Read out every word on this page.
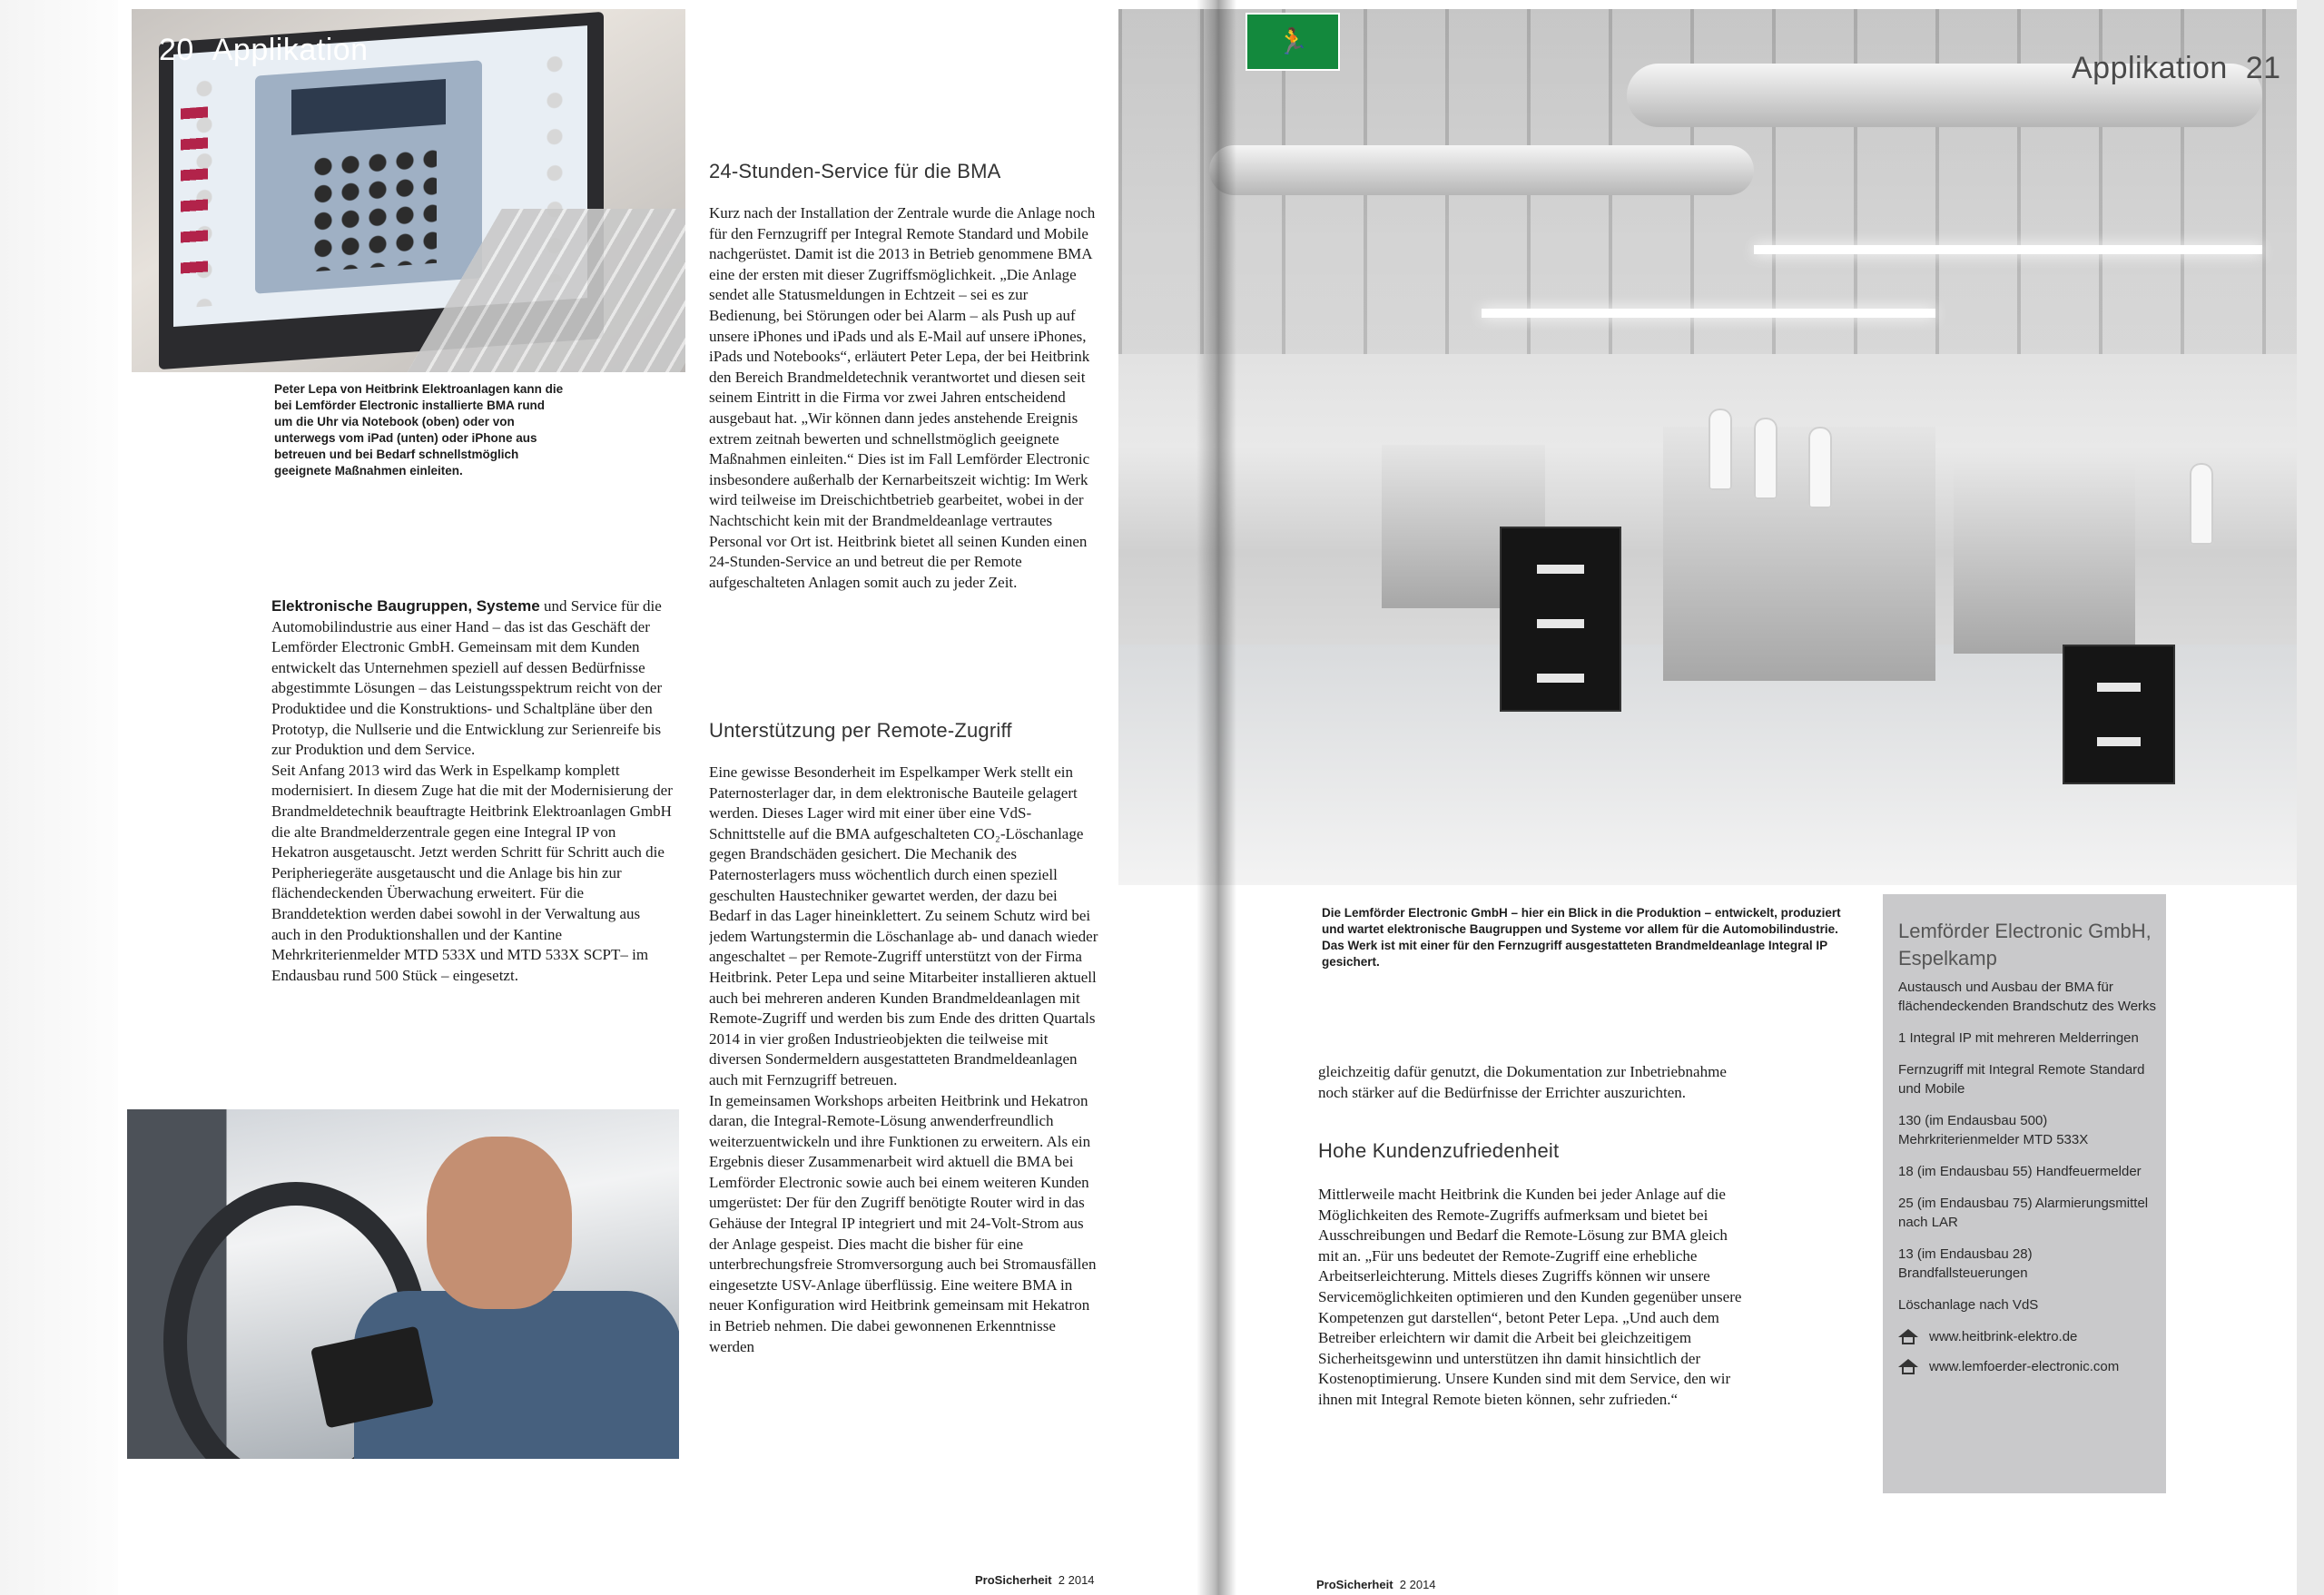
20 Applikation
Peter Lepa von Heitbrink Elektroanlagen kann die bei Lemförder Electronic installierte BMA rund um die Uhr via Notebook (oben) oder von unterwegs vom iPad (unten) oder iPhone aus betreuen und bei Bedarf schnellstmöglich geeignete Maßnahmen einleiten.

Elektronische Baugruppen, Systeme und Service für die Automobilindustrie aus einer Hand – das ist das Geschäft der Lemförder Electronic GmbH. Gemeinsam mit dem Kunden entwickelt das Unternehmen speziell auf dessen Bedürfnisse abgestimmte Lösungen – das Leistungsspektrum reicht von der Produktidee und die Konstruktions- und Schaltpläne über den Prototyp, die Nullserie und die Entwicklung zur Serienreife bis zur Produktion und dem Service.

Seit Anfang 2013 wird das Werk in Espelkamp komplett modernisiert. In diesem Zuge hat die mit der Modernisierung der Brandmeldetechnik beauftragte Heitbrink Elektroanlagen GmbH die alte Brandmelderzentrale gegen eine Integral IP von Hekatron ausgetauscht. Jetzt werden Schritt für Schritt auch die Peripheriegeräte ausgetauscht und die Anlage bis hin zur flächendeckenden Überwachung erweitert. Für die Branddetektion werden dabei sowohl in der Verwaltung aus auch in den Produktionshallen und der Kantine Mehrkriterienmelder MTD 533X und MTD 533X SCPT– im Endausbau rund 500 Stück – eingesetzt.

24-Stunden-Service für die BMA

Kurz nach der Installation der Zentrale wurde die Anlage noch für den Fernzugriff per Integral Remote Standard und Mobile nachgerüstet. Damit ist die 2013 in Betrieb genommene BMA eine der ersten mit dieser Zugriffsmöglichkeit. „Die Anlage sendet alle Statusmeldungen in Echtzeit – sei es zur Bedienung, bei Störungen oder bei Alarm – als Push up auf unsere iPhones und iPads und als E-Mail auf unsere iPhones, iPads und Notebooks“, erläutert Peter Lepa, der bei Heitbrink den Bereich Brandmeldetechnik verantwortet und diesen seit seinem Eintritt in die Firma vor zwei Jahren entscheidend ausgebaut hat. „Wir können dann jedes anstehende Ereignis extrem zeitnah bewerten und schnellstmöglich geeignete Maßnahmen einleiten.“ Dies ist im Fall Lemförder Electronic insbesondere außerhalb der Kernarbeitszeit wichtig: Im Werk wird teilweise im Dreischichtbetrieb gearbeitet, wobei in der Nachtschicht kein mit der Brandmeldeanlage vertrautes Personal vor Ort ist. Heitbrink bietet all seinen Kunden einen 24-Stunden-Service an und betreut die per Remote aufgeschalteten Anlagen somit auch zu jeder Zeit.

Unterstützung per Remote-Zugriff

Eine gewisse Besonderheit im Espelkamper Werk stellt ein Paternosterlager dar, in dem elektronische Bauteile gelagert werden. Dieses Lager wird mit einer über eine VdS-Schnittstelle auf die BMA aufgeschalteten CO₂-Löschanlage gegen Brandschäden gesichert. Die Mechanik des Paternosterlagers muss wöchentlich durch einen speziell geschulten Haustechniker gewartet werden, der dazu bei Bedarf in das Lager hineinklettert. Zu seinem Schutz wird bei jedem Wartungstermin die Löschanlage ab- und danach wieder angeschaltet – per Remote-Zugriff unterstützt von der Firma Heitbrink. Peter Lepa und seine Mitarbeiter installieren aktuell auch bei mehreren anderen Kunden Brandmeldeanlagen mit Remote-Zugriff und werden bis zum Ende des dritten Quartals 2014 in vier großen Industrieobjekten die teilweise mit diversen Sondermeldern ausgestatteten Brandmeldeanlagen auch mit Fernzugriff betreuen.

In gemeinsamen Workshops arbeiten Heitbrink und Hekatron daran, die Integral-Remote-Lösung anwenderfreundlich weiterzuentwickeln und ihre Funktionen zu erweitern. Als ein Ergebnis dieser Zusammenarbeit wird aktuell die BMA bei Lemförder Electronic sowie auch bei einem weiteren Kunden umgerüstet: Der für den Zugriff benötigte Router wird in das Gehäuse der Integral IP integriert und mit 24-Volt-Strom aus der Anlage gespeist. Dies macht die bisher für eine unterbrechungsfreie Stromversorgung auch bei Stromausfällen eingesetzte USV-Anlage überflüssig. Eine weitere BMA in neuer Konfiguration wird Heitbrink gemeinsam mit Hekatron in Betrieb nehmen. Die dabei gewonnenen Erkenntnisse werden

ProSicherheit 2 2014
🏃
Applikation 21
Die Lemförder Electronic GmbH – hier ein Blick in die Produktion – entwickelt, produziert und wartet elektronische Baugruppen und Systeme vor allem für die Automobilindustrie. Das Werk ist mit einer für den Fernzugriff ausgestatteten Brandmeldeanlage Integral IP gesichert.
gleichzeitig dafür genutzt, die Dokumentation zur Inbetriebnahme noch stärker auf die Bedürfnisse der Errichter auszurichten.
Hohe Kundenzufriedenheit
Mittlerweile macht Heitbrink die Kunden bei jeder Anlage auf die Möglichkeiten des Remote-Zugriffs aufmerksam und bietet bei Ausschreibungen und Bedarf die Remote-Lösung zur BMA gleich mit an. „Für uns bedeutet der Remote-Zugriff eine erhebliche Arbeitserleichterung. Mittels dieses Zugriffs können wir unsere Servicemöglichkeiten optimieren und den Kunden gegenüber unsere Kompetenzen gut darstellen“, betont Peter Lepa. „Und auch dem Betreiber erleichtern wir damit die Arbeit bei gleichzeitigem Sicherheitsgewinn und unterstützen ihn damit hinsichtlich der Kostenoptimierung. Unsere Kunden sind mit dem Service, den wir ihnen mit Integral Remote bieten können, sehr zufrieden.“
Lemförder Electronic GmbH, Espelkamp
Austausch und Ausbau der BMA für flächendeckenden Brandschutz des Werks
1 Integral IP mit mehreren Melderringen
Fernzugriff mit Integral Remote Standard und Mobile
130 (im Endausbau 500) Mehrkriterienmelder MTD 533X
18 (im Endausbau 55) Handfeuermelder
25 (im Endausbau 75) Alarmierungsmittel nach LAR
13 (im Endausbau 28) Brandfallsteuerungen
Löschanlage nach VdS
www.heitbrink-elektro.de
www.lemfoerder-electronic.com
ProSicherheit 2 2014
